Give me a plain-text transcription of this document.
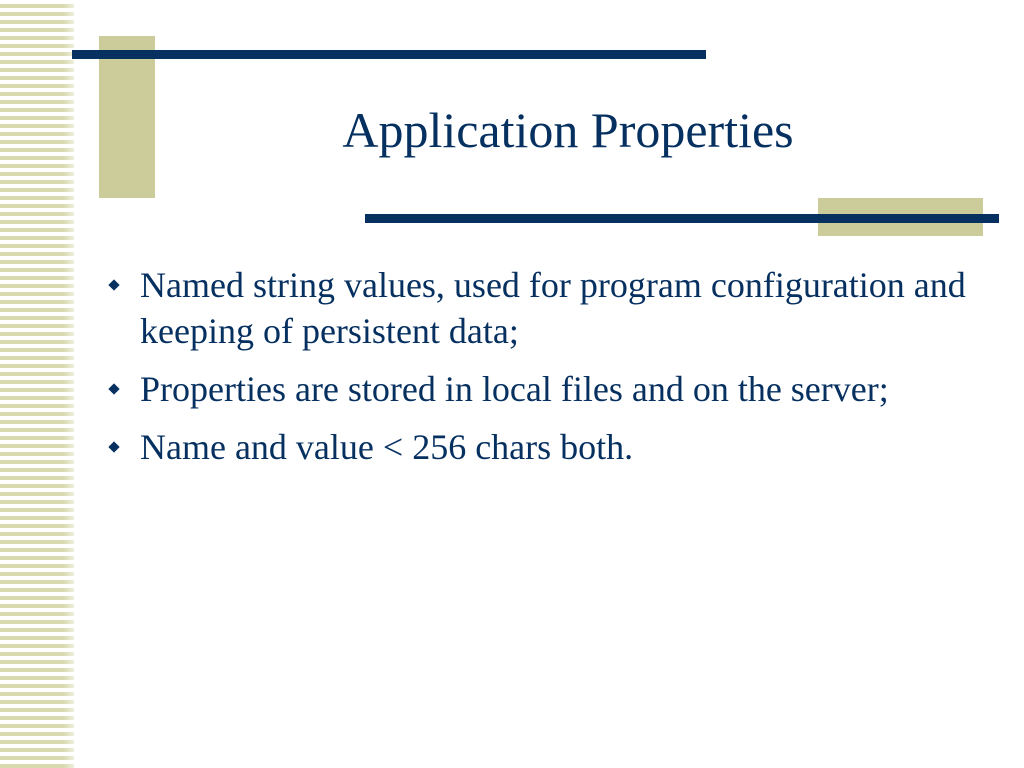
Application Properties
Named string values, used for program configuration and keeping of persistent data;
Properties are stored in local files and on the server;
Name and value < 256 chars both.
